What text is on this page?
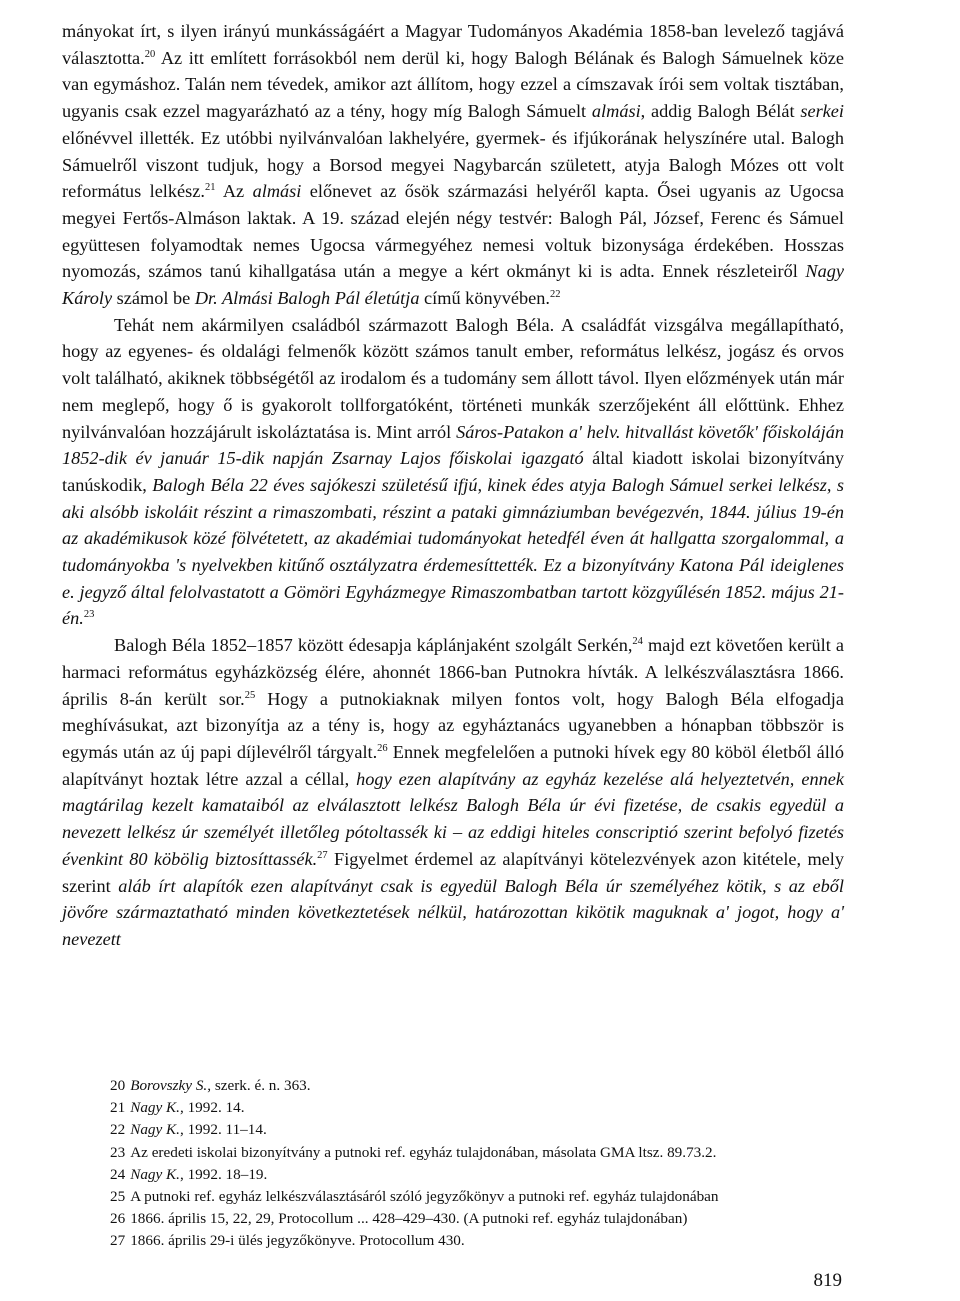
mányokat írt, s ilyen irányú munkásságáért a Magyar Tudományos Akadémia 1858-ban levelező tagjává választotta.$^{20}$ Az itt említett forrásokból nem derül ki, hogy Balogh Bélának és Balogh Sámuelnek köze van egymáshoz. Talán nem tévedek, amikor azt állítom, hogy ezzel a címszavak írói sem voltak tisztában, ugyanis csak ezzel magyarázható az a tény, hogy míg Balogh Sámuelt almási, addig Balogh Bélát serkei előnévvel illették. Ez utóbbi nyilvánvalóan lakhelyére, gyermek- és ifjúkorának helyszínére utal. Balogh Sámuelről viszont tudjuk, hogy a Borsod megyei Nagybarcán született, atyja Balogh Mózes ott volt református lelkész.$^{21}$ Az almási előnevet az ősök származási helyéről kapta. Ősei ugyanis az Ugocsa megyei Fertős-Almáson laktak. A 19. század elején négy testvér: Balogh Pál, József, Ferenc és Sámuel együttesen folyamodtak nemes Ugocsa vármegyéhez nemesi voltuk bizonysága érdekében. Hosszas nyomozás, számos tanú kihallgatása után a megye a kért okmányt ki is adta. Ennek részleteiről Nagy Károly számol be Dr. Almási Balogh Pál életútja című könyvében.$^{22}$

Tehát nem akármilyen családból származott Balogh Béla. A családfát vizsgálva megállapítható, hogy az egyenes- és oldalági felmenők között számos tanult ember, református lelkész, jogász és orvos volt található, akiknek többségétől az irodalom és a tudomány sem állott távol. Ilyen előzmények után már nem meglepő, hogy ő is gyakorolt tollforgatóként, történeti munkák szerzőjeként áll előttünk. Ehhez nyilvánvalóan hozzájárult iskoláztatása is. Mint arról Sáros-Patakon a' helv. hitvallást követők' főiskoláján 1852-dik év január 15-dik napján Zsarnay Lajos főiskolai igazgató által kiadott iskolai bizonyítvány tanúskodik, Balogh Béla 22 éves sajókeszi születésű ifjú, kinek édes atyja Balogh Sámuel serkei lelkész, s aki alsóbb iskoláit részint a rimaszombati, részint a pataki gimnáziumban bevégezvén, 1844. július 19-én az akadémikusok közé fölvétetett, az akadémiai tudományokat hetedfél éven át hallgatta szorgalommal, a tudományokba 's nyelvekben kitűnő osztályzatra érdemesíttették. Ez a bizonyítvány Katona Pál ideiglenes e. jegyző által felolvastatott a Gömöri Egyházmegye Rimaszombatban tartott közgyűlésén 1852. május 21-én.$^{23}$

Balogh Béla 1852–1857 között édesapja káplánjaként szolgált Serkén,$^{24}$ majd ezt követően került a harmaci református egyházközség élére, ahonnét 1866-ban Putnokra hívták. A lelkészválasztásra 1866. április 8-án került sor.$^{25}$ Hogy a putnokiaknak milyen fontos volt, hogy Balogh Béla elfogadja meghívásukat, azt bizonyítja az a tény is, hogy az egyháztanács ugyanebben a hónapban többször is egymás után az új papi díjlevélről tárgyalt.$^{26}$ Ennek megfelelően a putnoki hívek egy 80 köböl életből álló alapítványt hoztak létre azzal a céllal, hogy ezen alapítvány az egyház kezelése alá helyeztetvén, ennek magtárilag kezelt kamataiból az elválasztott lelkész Balogh Béla úr évi fizetése, de csakis egyedül a nevezett lelkész úr személyét illetőleg pótoltassék ki – az eddigi hiteles conscriptió szerint befolyó fizetés évenkint 80 köbölig biztosíttassék.$^{27}$ Figyelmet érdemel az alapítványi kötelezvények azon kitétele, mely szerint aláb írt alapítók ezen alapítványt csak is egyedül Balogh Béla úr személyéhez kötik, s az eből jövőre származtatható minden következtetések nélkül, határozottan kikötik maguknak a' jogot, hogy a' nevezett

20 Borovszky S., szerk. é. n. 363.

21 Nagy K., 1992. 14.

22 Nagy K., 1992. 11–14.

23 Az eredeti iskolai bizonyítvány a putnoki ref. egyház tulajdonában, másolata GMA ltsz. 89.73.2.

24 Nagy K., 1992. 18–19.

25 A putnoki ref. egyház lelkészválasztásáról szóló jegyzőkönyv a putnoki ref. egyház tulajdonában

26 1866. április 15, 22, 29, Protocollum ... 428–429–430. (A putnoki ref. egyház tulajdonában)

27 1866. április 29-i ülés jegyzőkönyve. Protocollum 430.

819
